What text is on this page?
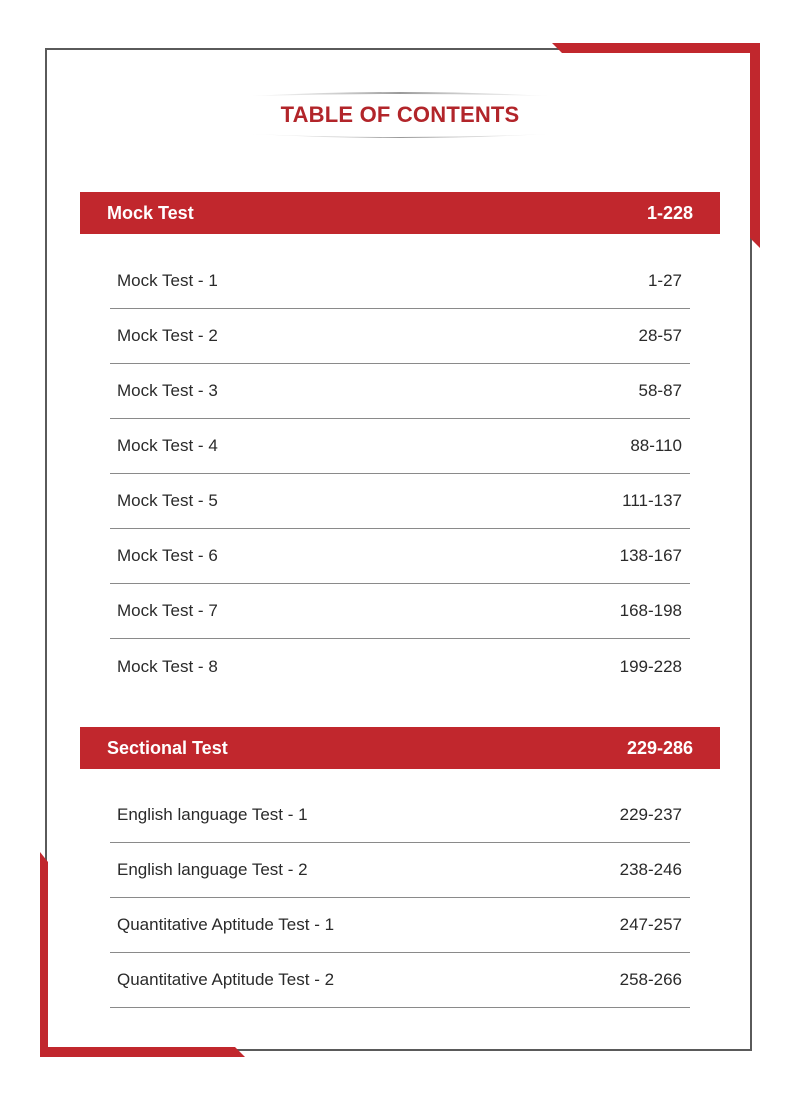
TABLE OF CONTENTS
Mock Test	1-228
Mock Test - 1	1-27
Mock Test - 2	28-57
Mock Test - 3	58-87
Mock Test - 4	88-110
Mock Test - 5	111-137
Mock Test - 6	138-167
Mock Test - 7	168-198
Mock Test - 8	199-228
Sectional Test	229-286
English language Test - 1	229-237
English language Test - 2	238-246
Quantitative Aptitude Test - 1	247-257
Quantitative Aptitude Test - 2	258-266
